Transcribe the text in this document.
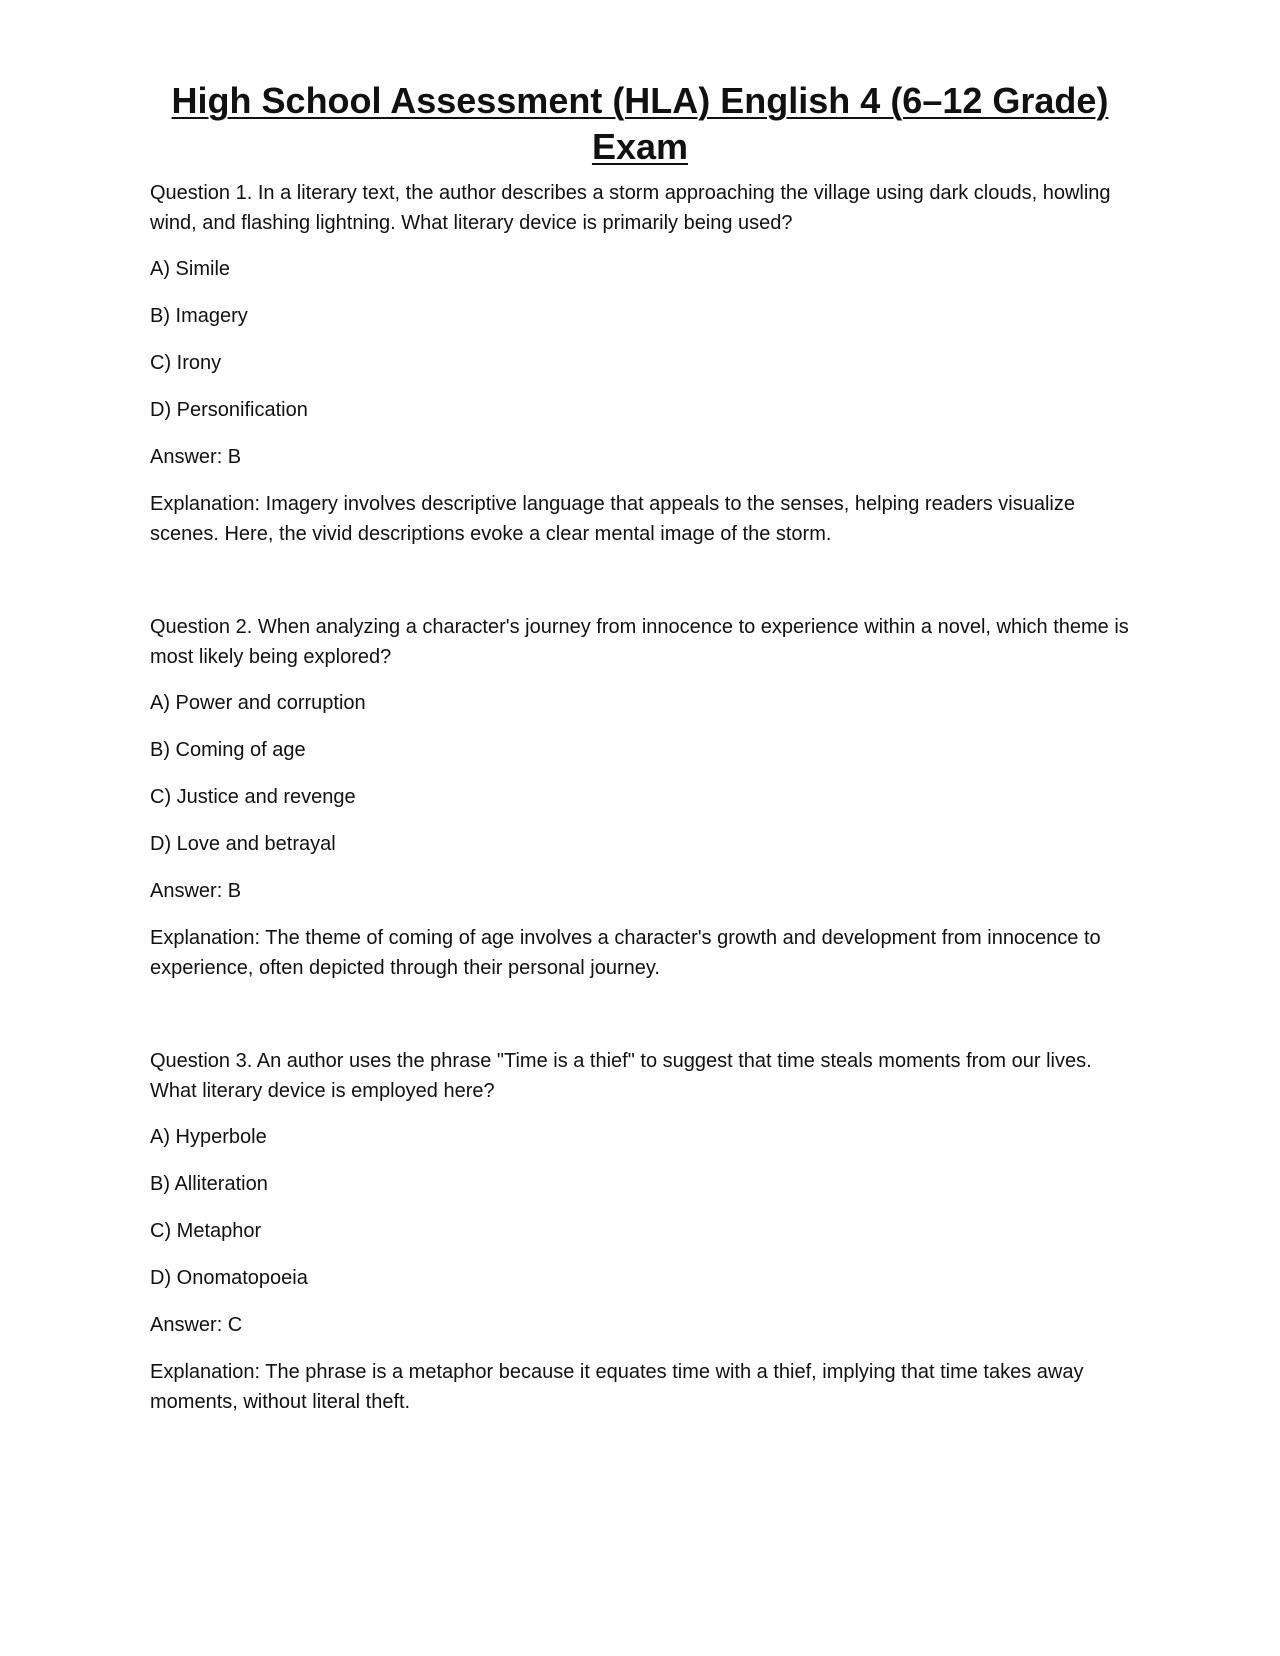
High School Assessment (HLA) English 4 (6–12 Grade)
Exam

Question 1. In a literary text, the author describes a storm approaching the village using dark clouds, howling wind, and flashing lightning. What literary device is primarily being used?

A) Simile

B) Imagery

C) Irony

D) Personification

Answer: B

Explanation: Imagery involves descriptive language that appeals to the senses, helping readers visualize scenes. Here, the vivid descriptions evoke a clear mental image of the storm.

Question 2. When analyzing a character's journey from innocence to experience within a novel, which theme is most likely being explored?

A) Power and corruption

B) Coming of age

C) Justice and revenge

D) Love and betrayal

Answer: B

Explanation: The theme of coming of age involves a character's growth and development from innocence to experience, often depicted through their personal journey.

Question 3. An author uses the phrase "Time is a thief" to suggest that time steals moments from our lives. What literary device is employed here?

A) Hyperbole

B) Alliteration

C) Metaphor

D) Onomatopoeia

Answer: C

Explanation: The phrase is a metaphor because it equates time with a thief, implying that time takes away moments, without literal theft.
